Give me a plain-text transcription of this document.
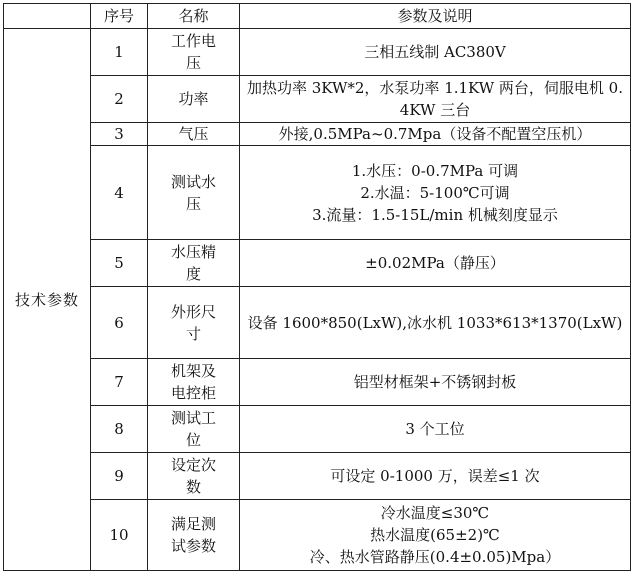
	序号	名称	参数及说明
技术参数	1	工作电压	三相五线制 AC380V

	2	功率	加热功率 3KW*2，水泵功率 1.1KW 两台，伺服电机 0.4KW 三台

	3	气压	外接,0.5MPa~0.7Mpa（设备不配置空压机）

	4	测试水压	1.水压：0-0.7MPa 可调
2.水温：5-100℃可调
3.流量：1.5-15L/min 机械刻度显示

	5	水压精度	±0.02MPa（静压）

	6	外形尺寸	设备 1600*850(LxW),冰水机 1033*613*1370(LxW)

	7	机架及电控柜	铝型材框架+不锈钢封板

	8	测试工位	3 个工位

	9	设定次数	可设定 0-1000 万，误差≤1 次

	10	满足测试参数	冷水温度≤30℃
热水温度(65±2)℃
冷、热水管路静压(0.4±0.05)Mpa）
